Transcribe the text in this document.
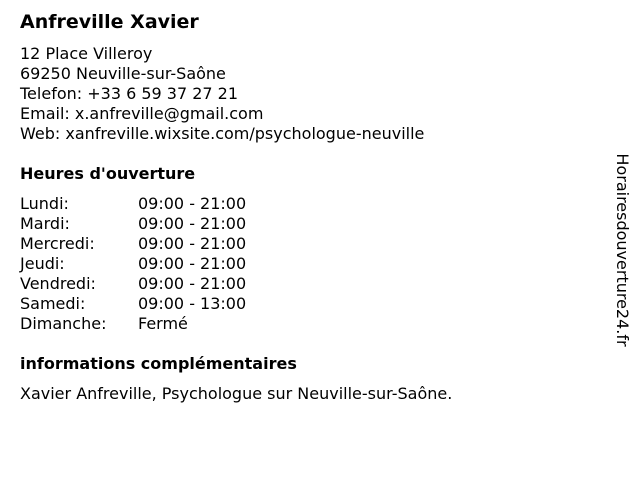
Anfreville Xavier
12 Place Villeroy
69250 Neuville-sur-Saône
Telefon: +33 6 59 37 27 21
Email: x.anfreville@gmail.com
Web: xanfreville.wixsite.com/psychologue-neuville
Heures d'ouverture
Lundi:	09:00 - 21:00
Mardi:	09:00 - 21:00
Mercredi:	09:00 - 21:00
Jeudi:	09:00 - 21:00
Vendredi:	09:00 - 21:00
Samedi:	09:00 - 13:00
Dimanche: Fermé
informations complémentaires
Xavier Anfreville, Psychologue sur Neuville-sur-Saône.
Horairesdouverture24.fr
